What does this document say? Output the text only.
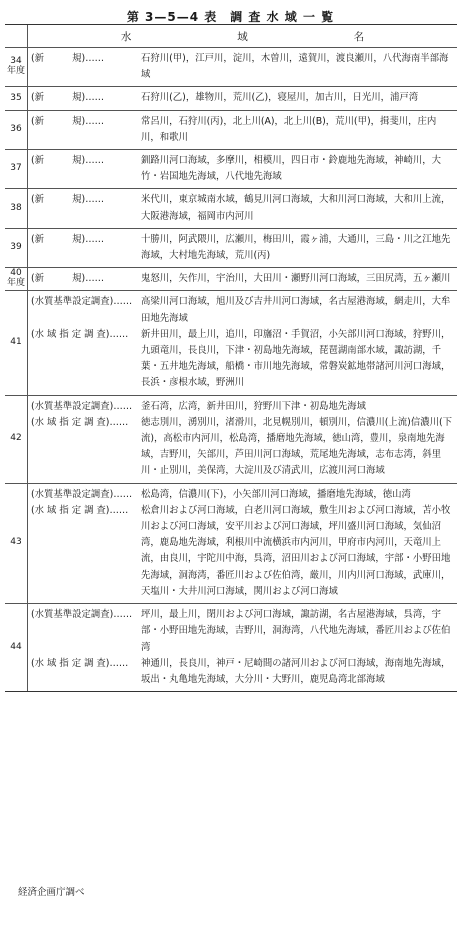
第 3—5—4 表　調 査 水 域 一 覧
水	域	名
34
年度
(新　　　規)……	石狩川(甲)，江戸川，淀川，木曽川，遠賀川，渡良瀬川，八代海南半部海域
35 (新　　　規)……	石狩川(乙)，雄物川，荒川(乙)，寝屋川，加古川，日光川，浦戸湾
36
(新　　　規)……	常呂川，石狩川(丙)，北上川(A)，北上川(B)，荒川(甲)，揖斐川，庄内川，和歌川
37
(新　　　規)……	釧路川河口海域，多摩川，相模川，四日市・鈴鹿地先海域，神崎川，大竹・岩国地先海域，八代地先海域
38
(新　　　規)……	米代川，東京城南水域，鶴見川河口海域，大和川河口海域，大和川上流，大阪港海域，福岡市内河川
39
(新　　　規)……	十勝川，阿武隈川，広瀬川，梅田川，霞ヶ浦，大通川，三島・川之江地先海域，大村地先海域，荒川(丙)
40
年度 (新　　　規)……	鬼怒川，矢作川，宇治川，大田川・瀬野川河口海域，三田尻湾，五ヶ瀬川
41
(水質基準設定調査)…… 高梁川河口海域，旭川及び吉井川河口海域，名古屋港海域，網走川，大牟田地先海域
(水 域 指 定 調 査)……	新井田川，最上川，追川，印旛沼・手賀沼，小矢部川河口海域，狩野川，九頭竜川，長良川，下津・初島地先海域，琵琶湖南部水域，諏訪湖，千葉・五井地先海域，船橋・市川地先海域，常磐炭鉱地帯諸河川河口海域，長浜・彦根水域，野洲川
42
(水質基準設定調査)…… 釜石湾，広湾，新井田川，狩野川下津・初島地先海域
(水 域 指 定 調 査)……	徳志別川，湧別川，渚滑川，北見幌別川，頓別川，信濃川(上流)信濃川(下流)，高松市内河川，松島湾，播磨地先海域，徳山湾，豊川，泉南地先海域，吉野川，矢部川，芦田川河口海域，荒尾地先海域，志布志湾，斜里川・止別川，美保湾，大淀川及び清武川，広渡川河口海域
43
(水質基準設定調査)…… 松島湾，信濃川(下)，小矢部川河口海域，播磨地先海域，徳山湾
(水 域 指 定 調 査)……	松倉川および河口海域，白老川河口海域，敷生川および河口海域，苫小牧川および河口海域，安平川および河口海域，坪川盛川河口海域，気仙沼湾，鹿島地先海域，利根川中流横浜市内河川，甲府市内河川，天竜川上流，由良川，宇陀川中海，呉湾，沼田川および河口海域，宇部・小野田地先海域，洞海湾，番匠川および佐伯湾，厳川，川内川河口海域，武庫川，天塩川・大井川河口海域，関川および河口海域
44
(水質基準設定調査)…… 坪川，最上川，閉川および河口海域，諏訪湖，名古屋港海域，呉湾，宇部・小野田地先海域，吉野川，洞海湾，八代地先海域，番匠川および佐伯湾
(水 域 指 定 調 査)……	神通川，長良川，神戸・尼崎間の諸河川および河口海域，海南地先海域，坂出・丸亀地先海域，大分川・大野川，鹿児島湾北部海域
経済企画庁調べ
